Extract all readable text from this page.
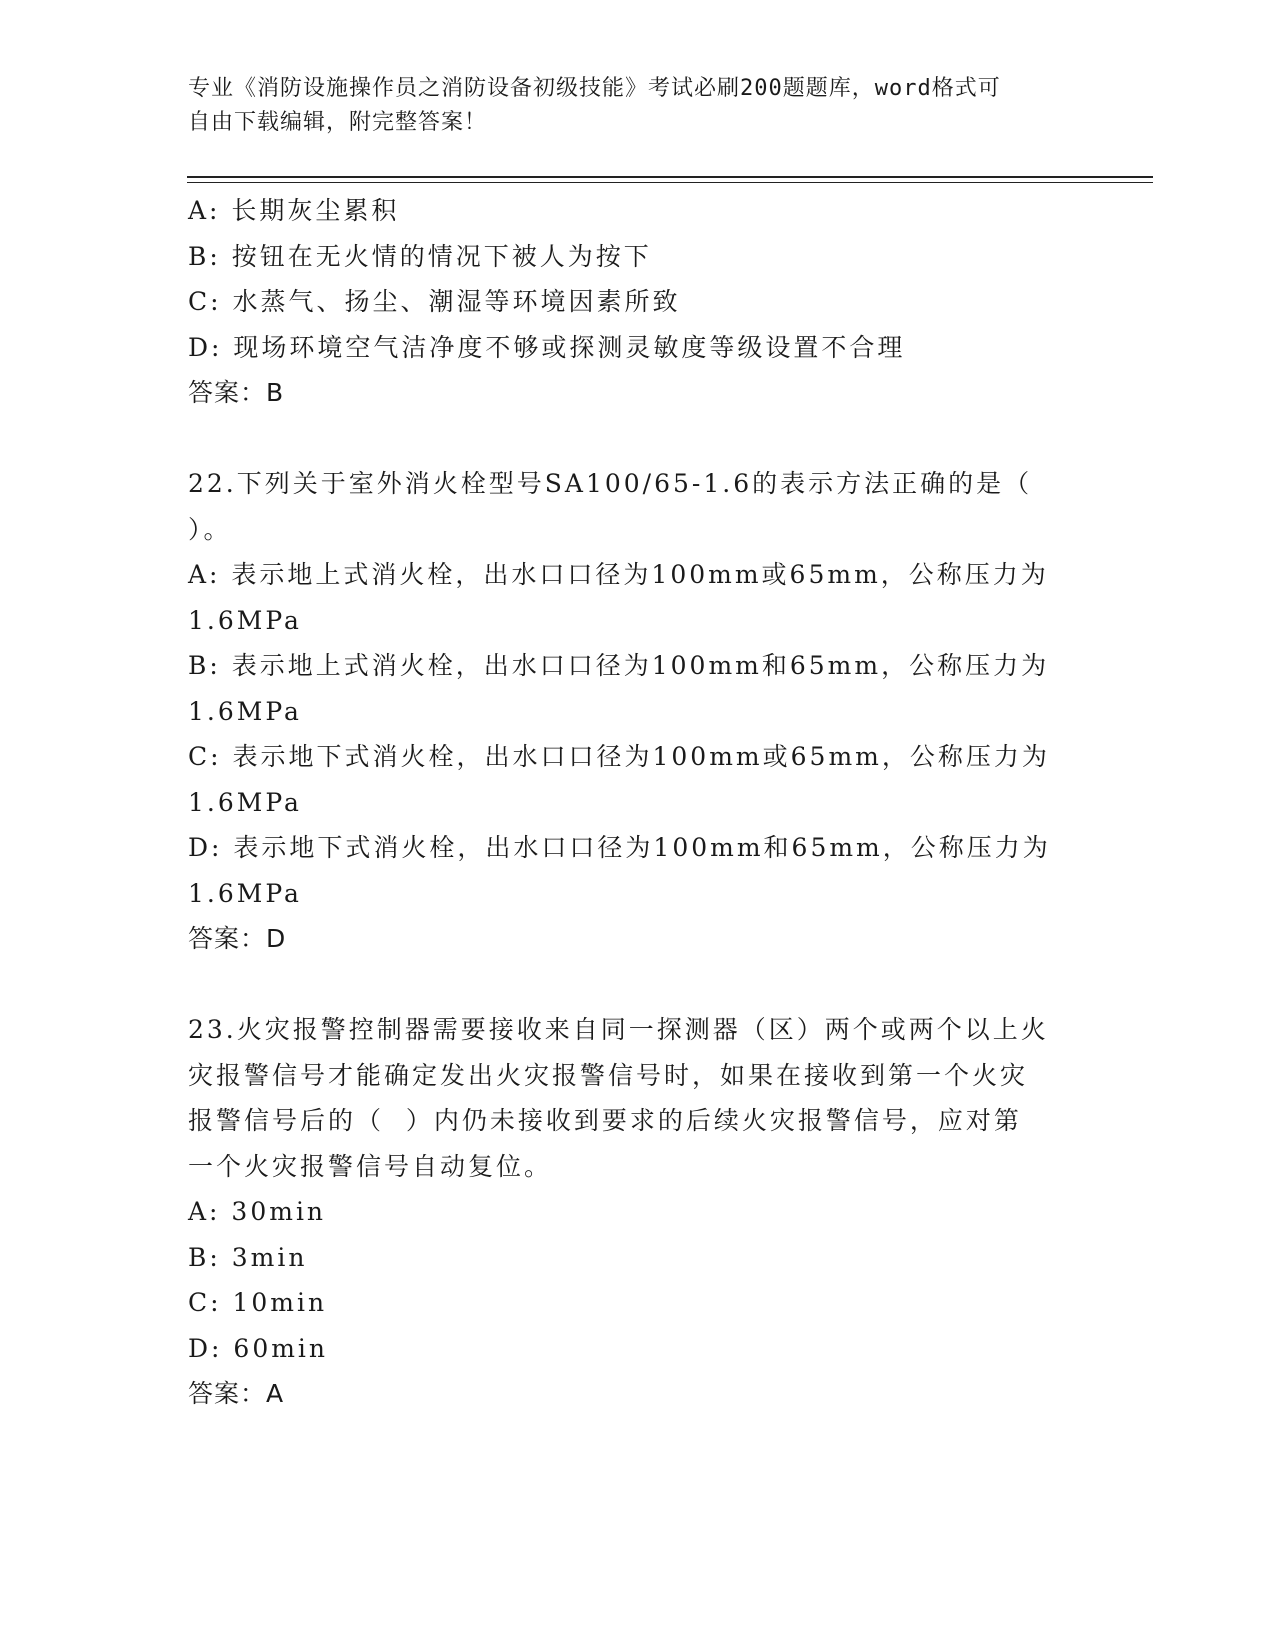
专业《消防设施操作员之消防设备初级技能》考试必刷200题题库，word格式可
自由下载编辑，附完整答案！
A: 长期灰尘累积
B: 按钮在无火情的情况下被人为按下
C: 水蒸气、扬尘、潮湿等环境因素所致
D: 现场环境空气洁净度不够或探测灵敏度等级设置不合理
答案：B
22.下列关于室外消火栓型号SA100/65-1.6的表示方法正确的是（
）。
A: 表示地上式消火栓，出水口口径为100mm或65mm，公称压力为
1.6MPa
B: 表示地上式消火栓，出水口口径为100mm和65mm，公称压力为
1.6MPa
C: 表示地下式消火栓，出水口口径为100mm或65mm，公称压力为
1.6MPa
D: 表示地下式消火栓，出水口口径为100mm和65mm，公称压力为
1.6MPa
答案：D
23.火灾报警控制器需要接收来自同一探测器（区）两个或两个以上火
灾报警信号才能确定发出火灾报警信号时，如果在接收到第一个火灾
报警信号后的（  ）内仍未接收到要求的后续火灾报警信号，应对第
一个火灾报警信号自动复位。
A: 30min
B: 3min
C: 10min
D: 60min
答案：A
